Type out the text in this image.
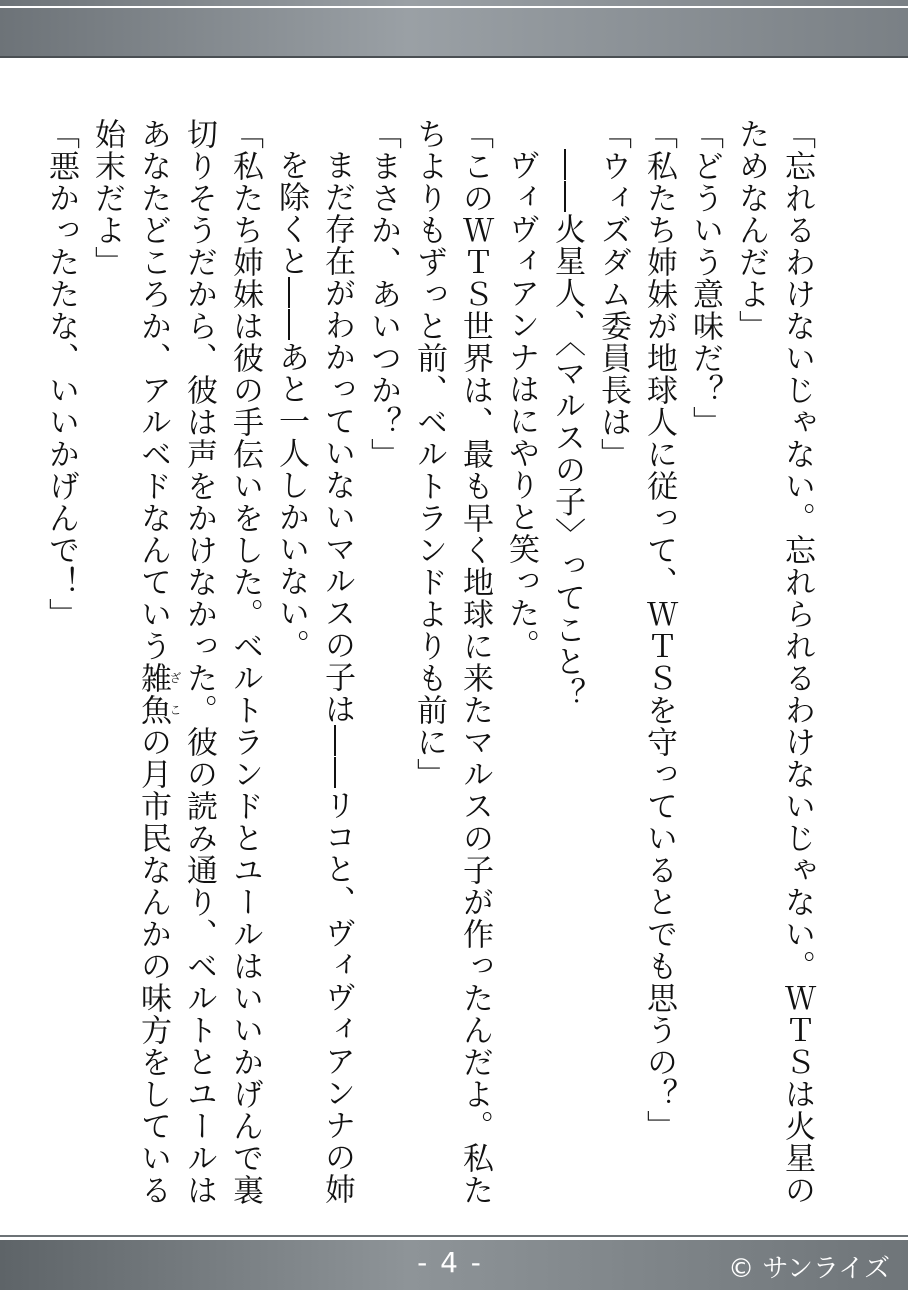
「忘れるわけないじゃない。忘れられるわけないじゃない。ＷＴＳは火星のためなんだよ」

「どういう意味だ？」

「私たち姉妹が地球人に従って、ＷＴＳを守っているとでも思うの？」

「ウィズダム委員長は」

――火星人、〈マルスの子〉ってこと？

ヴィヴィアンナはにやりと笑った。

「このＷＴＳ世界は、最も早く地球に来たマルスの子が作ったんだよ。私たちよりもずっと前、ベルトランドよりも前に」

「まさか、あいつか？」

まだ存在がわかっていないマルスの子は――リコと、ヴィヴィアンナの姉を除くと――あと一人しかいない。

「私たち姉妹は彼の手伝いをした。ベルトランドとユールはいいかげんで裏切りそうだから、彼は声をかけなかった。彼の読み通り、ベルトとユールはあなたどころか、アルベドなんていう雑魚ざこの月市民なんかの味方をしている始末だよ」

「悪かったたな、いいかげんで！」

- 4 -	© サンライズ
